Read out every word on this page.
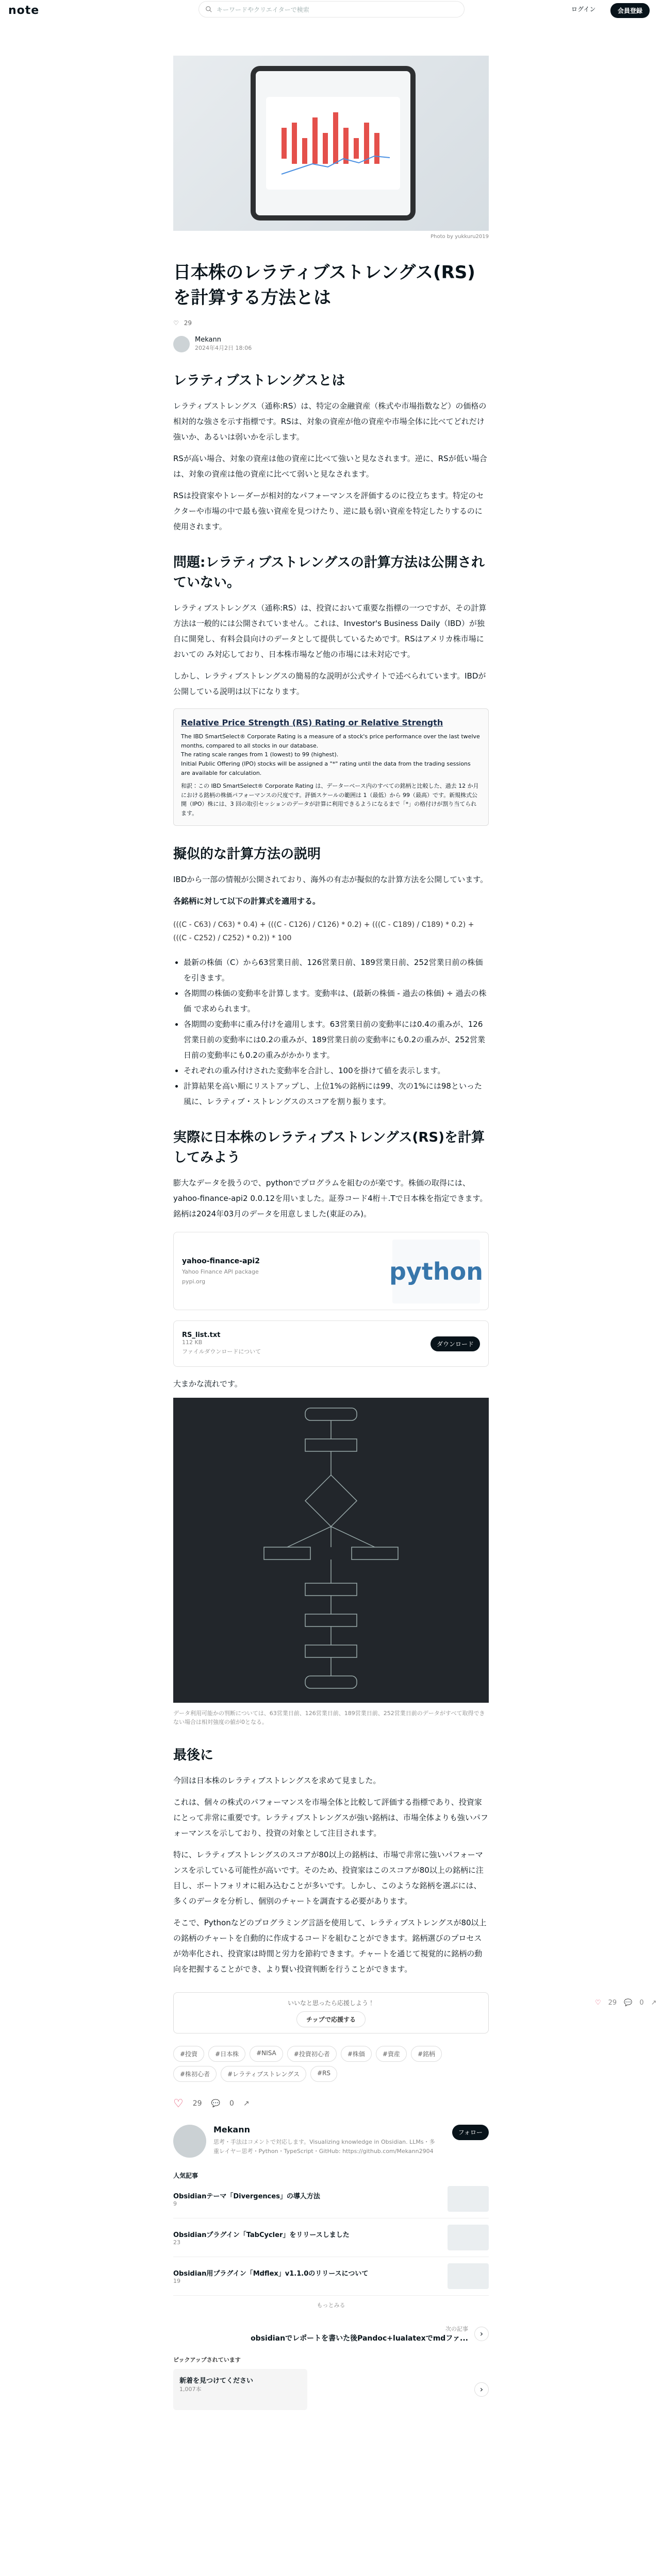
note	キーワードやクリエイターで検索	ログイン	会員登録
Photo by yukkuru2019
日本株のレラティブストレングス(RS)を計算する方法とは
♡ 29
Mekann
2024年4月2日 18:06
レラティブストレングスとは

レラティブストレングス（通称:RS）は、特定の金融資産（株式や市場指数など）の価格の相対的な強さを示す指標です。RSは、対象の資産が他の資産や市場全体に比べてどれだけ強いか、あるいは弱いかを示します。

RSが高い場合、対象の資産は他の資産に比べて強いと見なされます。逆に、RSが低い場合は、対象の資産は他の資産に比べて弱いと見なされます。

RSは投資家やトレーダーが相対的なパフォーマンスを評価するのに役立ちます。特定のセクターや市場の中で最も強い資産を見つけたり、逆に最も弱い資産を特定したりするのに使用されます。

問題:レラティブストレングスの計算方法は公開されていない。

レラティブストレングス（通称:RS）は、投資において重要な指標の一つですが、その計算方法は一般的には公開されていません。これは、Investor's Business Daily（IBD）が独自に開発し、有料会員向けのデータとして提供しているためです。RSはアメリカ株市場においての み対応しており、日本株市場など他の市場には未対応です。

しかし、レラティブストレングスの簡易的な説明が公式サイトで述べられています。IBDが公開している説明は以下になります。

Relative Price Strength (RS) Rating or Relative Strength
The IBD SmartSelect® Corporate Rating is a measure of a stock's price performance over the last twelve months, compared to all stocks in our database.
The rating scale ranges from 1 (lowest) to 99 (highest).
Initial Public Offering (IPO) stocks will be assigned a "*" rating until the data from the trading sessions are available for calculation.
和訳：この IBD SmartSelect® Corporate Rating は、データーベース内のすべての銘柄と比較した、過去 12 か月における銘柄の株価パフォーマンスの尺度です。評価スケールの範囲は 1（最低）から 99（最高）です。新規株式公開（IPO）株には、3 回の取引セッションのデータが計算に利用できるようになるまで「*」の格付けが割り当てられます。
擬似的な計算方法の説明

IBDから一部の情報が公開されており、海外の有志が擬似的な計算方法を公開しています。

各銘柄に対して以下の計算式を適用する。

(((C - C63) / C63) * 0.4) + (((C - C126) / C126) * 0.2) + (((C - C189) / C189) * 0.2) + (((C - C252) / C252) * 0.2)) * 100
• 最新の株価（C）から63営業日前、126営業日前、189営業日前、252営業日前の株価を引きます。
• 各期間の株価の変動率を計算します。変動率は、(最新の株価 - 過去の株価) ÷ 過去の株価 で求められます。
• 各期間の変動率に重み付けを適用します。63営業日前の変動率には0.4の重みが、126営業日前の変動率には0.2の重みが、189営業日前の変動率にも0.2の重みが、252営業日前の変動率にも0.2の重みがかかります。
• それぞれの重み付けされた変動率を合計し、100を掛けて値を表示します。
• 計算結果を高い順にリストアップし、上位1%の銘柄には99、次の1%には98といった風に、レラティブ・ストレングスのスコアを割り振ります。
実際に日本株のレラティブストレングス(RS)を計算してみよう

膨大なデータを扱うので、pythonでプログラムを組むのが楽です。株価の取得には、yahoo-finance-api2 0.0.12を用いました。証券コード4桁＋.Tで日本株を指定できます。銘柄は2024年03月のデータを用意しました(東証のみ)。

yahoo-finance-api2
Yahoo Finance API package
pypi.org	python
RS_list.txt
112 KB
ファイルダウンロードについて
ダウンロード

大まかな流れです。

データ利用可能かの判断については、63営業日前、126営業日前、189営業日前、252営業日前のデータがすべて取得できない場合は相対強度の値が0となる。
最後に

今回は日本株のレラティブストレングスを求めて見ました。

これは、個々の株式のパフォーマンスを市場全体と比較して評価する指標であり、投資家にとって非常に重要です。レラティブストレングスが強い銘柄は、市場全体よりも強いパフォーマンスを示しており、投資の対象として注目されます。

特に、レラティブストレングスのスコアが80以上の銘柄は、市場で非常に強いパフォーマンスを示している可能性が高いです。そのため、投資家はこのスコアが80以上の銘柄に注目し、ポートフォリオに組み込むことが多いです。しかし、このような銘柄を選ぶには、多くのデータを分析し、個別のチャートを調査する必要があります。

そこで、Pythonなどのプログラミング言語を使用して、レラティブストレングスが80以上の銘柄のチャートを自動的に作成するコードを組むことができます。銘柄選びのプロセスが効率化され、投資家は時間と労力を節約できます。チャートを通じて視覚的に銘柄の動向を把握することができ、より賢い投資判断を行うことができます。

いいなと思ったら応援しよう！
チップで応援する
#投資	#日本株	#NISA	#投資初心者	#株価	#資産	#銘柄
#株初心者	#レラティブストレングス	#RS
♡ 29 💬 0 ↗
Mekann
思考・手法はコメントで対応します。Visualizing knowledge in Obsidian. LLMs・多重レイヤー思考・Python・TypeScript・GitHub: https://github.com/Mekann2904
フォロー
人気記事
Obsidianテーマ「Divergences」の導入方法
9
Obsidianプラグイン「TabCycler」をリリースしました
23
Obsidian用プラグイン「Mdflex」v1.1.0のリリースについて
19
もっとみる
次の記事
obsidianでレポートを書いた後Pandoc+lualatexでmdファ...	›
ピックアップされています
新着を見つけてください
1,007本	›
♡ 29 💬 0 ↗
